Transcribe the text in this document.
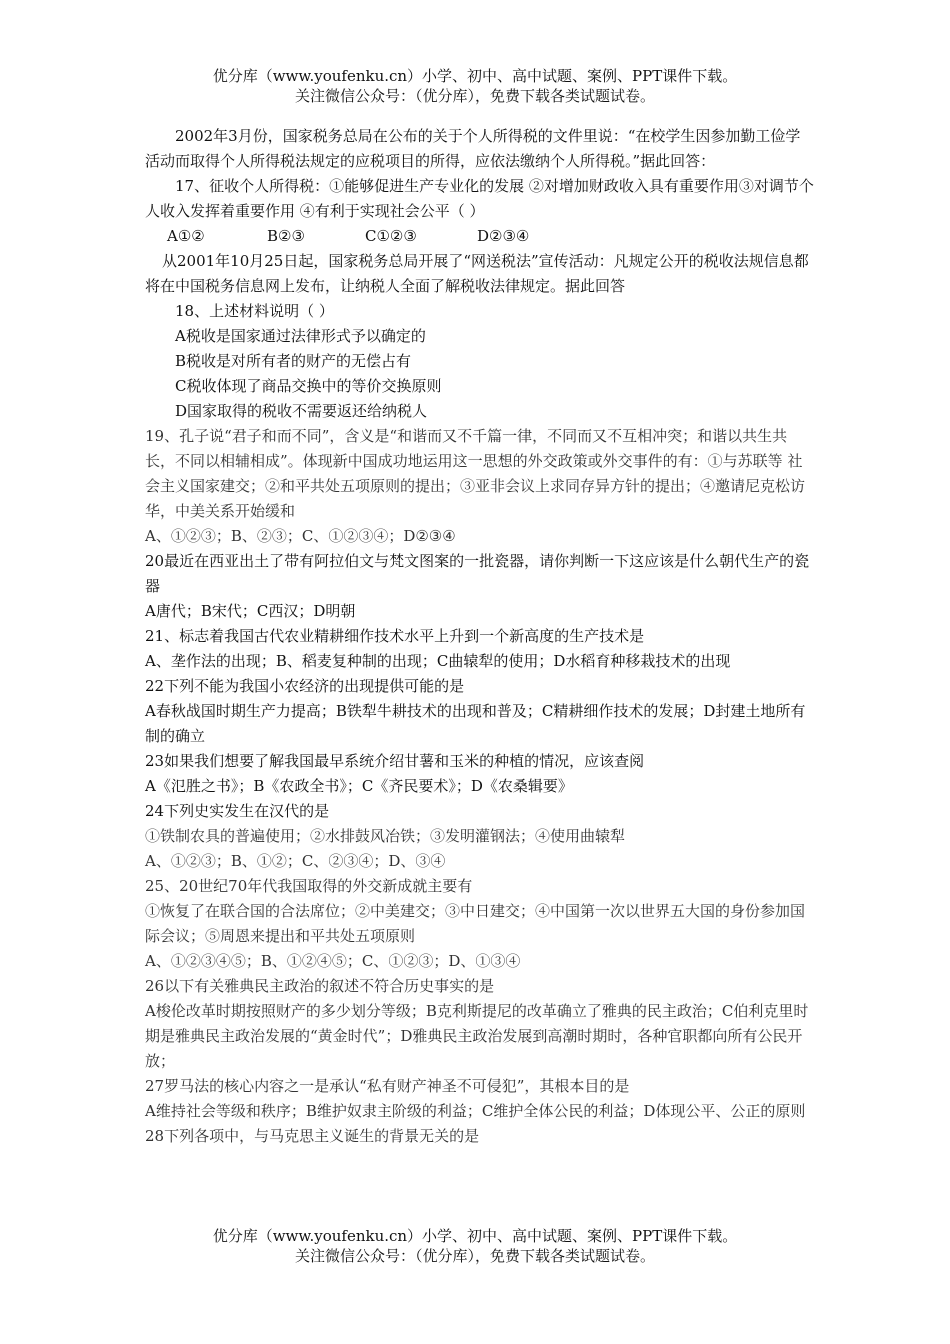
优分库（www.youfenku.cn）小学、初中、高中试题、案例、PPT课件下载。
关注微信公众号：（优分库），免费下载各类试题试卷。

2002年3月份，国家税务总局在公布的关于个人所得税的文件里说：“在校学生因参加勤工俭学活动而取得个人所得税法规定的应税项目的所得，应依法缴纳个人所得税。”据此回答：

17、征收个人所得税：①能够促进生产专业化的发展 ②对增加财政收入具有重要作用③对调节个人收入发挥着重要作用 ④有利于实现社会公平（ ）

A①②	B②③	C①②③	D②③④

从2001年10月25日起，国家税务总局开展了“网送税法”宣传活动：凡规定公开的税收法规信息都将在中国税务信息网上发布，让纳税人全面了解税收法律规定。据此回答

18、上述材料说明（ ）

A税收是国家通过法律形式予以确定的

B税收是对所有者的财产的无偿占有

C税收体现了商品交换中的等价交换原则

D国家取得的税收不需要返还给纳税人

19、孔子说“君子和而不同”，含义是“和谐而又不千篇一律，不同而又不互相冲突；和谐以共生共长，不同以相辅相成”。体现新中国成功地运用这一思想的外交政策或外交事件的有：①与苏联等 社会主义国家建交；②和平共处五项原则的提出；③亚非会议上求同存异方针的提出；④邀请尼克松访华，中美关系开始缓和

A、①②③；B、②③；C、①②③④；D②③④

20最近在西亚出土了带有阿拉伯文与梵文图案的一批瓷器，请你判断一下这应该是什么朝代生产的瓷器

A唐代；B宋代；C西汉；D明朝

21、标志着我国古代农业精耕细作技术水平上升到一个新高度的生产技术是

A、垄作法的出现；B、稻麦复种制的出现；C曲辕犁的使用；D水稻育种移栽技术的出现

22下列不能为我国小农经济的出现提供可能的是

A春秋战国时期生产力提高；B铁犁牛耕技术的出现和普及；C精耕细作技术的发展；D封建土地所有制的确立

23如果我们想要了解我国最早系统介绍甘薯和玉米的种植的情况，应该查阅

A《氾胜之书》；B《农政全书》；C《齐民要术》；D《农桑辑要》

24下列史实发生在汉代的是

①铁制农具的普遍使用；②水排鼓风冶铁；③发明灌钢法；④使用曲辕犁

A、①②③；B、①②；C、②③④；D、③④

25、20世纪70年代我国取得的外交新成就主要有

①恢复了在联合国的合法席位；②中美建交；③中日建交；④中国第一次以世界五大国的身份参加国际会议；⑤周恩来提出和平共处五项原则

A、①②③④⑤；B、①②④⑤；C、①②③；D、①③④

26以下有关雅典民主政治的叙述不符合历史事实的是

A梭伦改革时期按照财产的多少划分等级；B克利斯提尼的改革确立了雅典的民主政治；C伯利克里时期是雅典民主政治发展的“黄金时代”；D雅典民主政治发展到高潮时期时，各种官职都向所有公民开放；

27罗马法的核心内容之一是承认“私有财产神圣不可侵犯”，其根本目的是

A维持社会等级和秩序；B维护奴隶主阶级的利益；C维护全体公民的利益；D体现公平、公正的原则

28下列各项中，与马克思主义诞生的背景无关的是

优分库（www.youfenku.cn）小学、初中、高中试题、案例、PPT课件下载。
关注微信公众号：（优分库），免费下载各类试题试卷。
